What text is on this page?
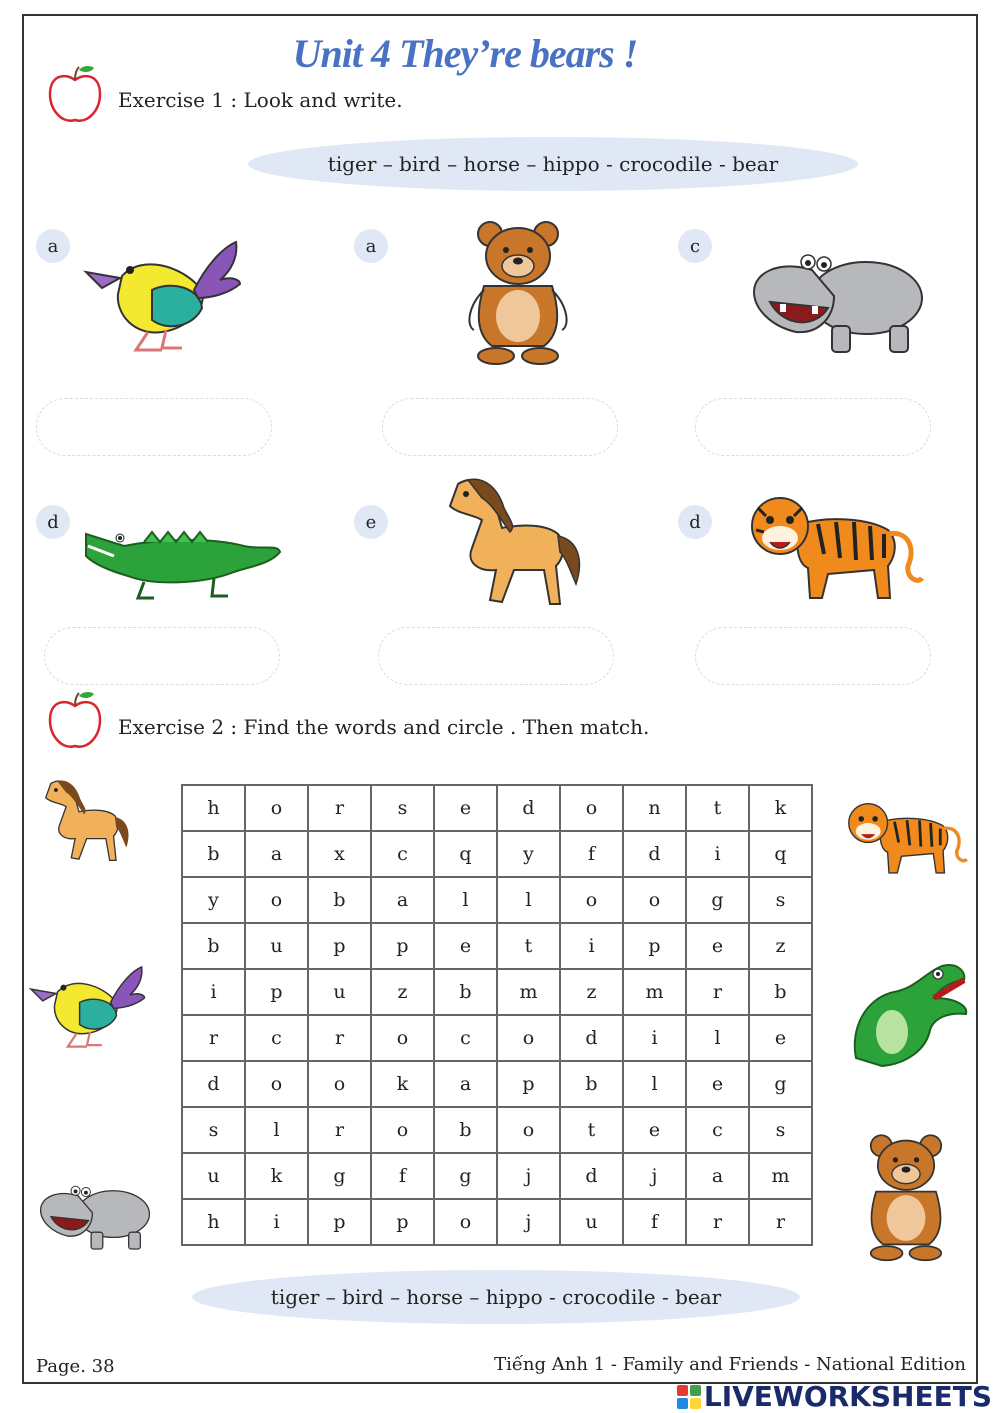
Unit 4 They’re bears !
Exercise 1 : Look and write.
tiger – bird – horse – hippo - crocodile - bear
a	a	c
d	e	d
Exercise 2 : Find the words and circle . Then match.
h	o	r	s	e	d	o	n	t	k
b	a	x	c	q	y	f	d	i	q
y	o	b	a	l	l	o	o	g	s
b	u	p	p	e	t	i	p	e	z
i	p	u	z	b	m	z	m	r	b
r	c	r	o	c	o	d	i	l	e
d	o	o	k	a	p	b	l	e	g
s	l	r	o	b	o	t	e	c	s
u	k	g	f	g	j	d	j	a	m
h	i	p	p	o	j	u	f	r	r
tiger – bird – horse – hippo - crocodile - bear
Page. 38	Tiếng Anh 1 - Family and Friends - National Edition
LIVEWORKSHEETS
